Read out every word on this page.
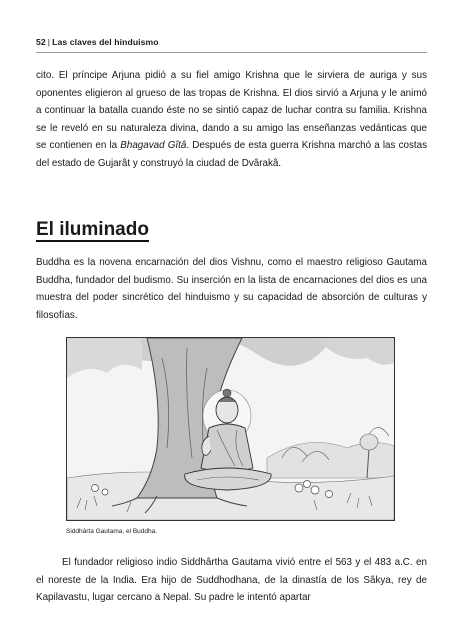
52 | Las claves del hinduismo

cito. El príncipe Arjuna pidió a su fiel amigo Krishna que le sirviera de auriga y sus oponentes eligieron al grueso de las tropas de Krishna. El dios sirvió a Arjuna y le animó a continuar la batalla cuando éste no se sintió capaz de luchar contra su familia. Krishna se le reveló en su naturaleza divina, dando a su amigo las enseñanzas vedánticas que se contienen en la Bhagavad Gîtâ. Después de esta guerra Krishna marchó a las costas del estado de Gujarât y construyó la ciudad de Dvârakâ.

El iluminado

Buddha es la novena encarnación del dios Vishnu, como el maestro religioso Gautama Buddha, fundador del budismo. Su inserción en la lista de encarnaciones del dios es una muestra del poder sincrético del hinduismo y su capacidad de absorción de culturas y filosofías.

Siddhârta Gautama, el Buddha.

El fundador religioso indio Siddhârtha Gautama vivió entre el 563 y el 483 a.C. en el noreste de la India. Era hijo de Suddhodhana, de la dinastía de los Sâkya, rey de Kapilavastu, lugar cercano a Nepal. Su padre le intentó apartar
